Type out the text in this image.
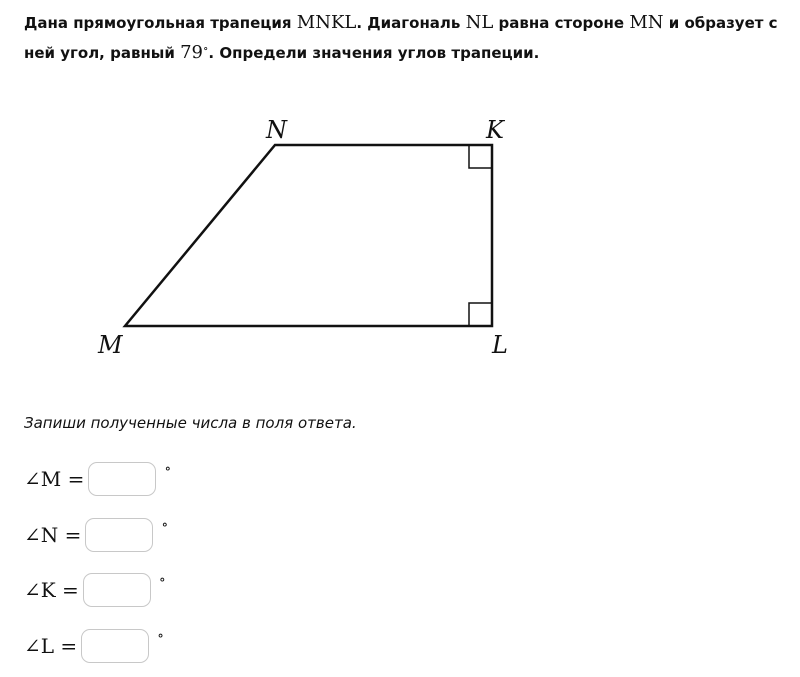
Дана прямоугольная трапеция MNKL. Диагональ NL равна стороне MN и образует с ней угол, равный 79∘. Определи значения углов трапеции.

N	K
M	L

Запиши полученные числа в поля ответа.

∠M =	∘
∠N =	∘
∠K =	∘
∠L =	∘
